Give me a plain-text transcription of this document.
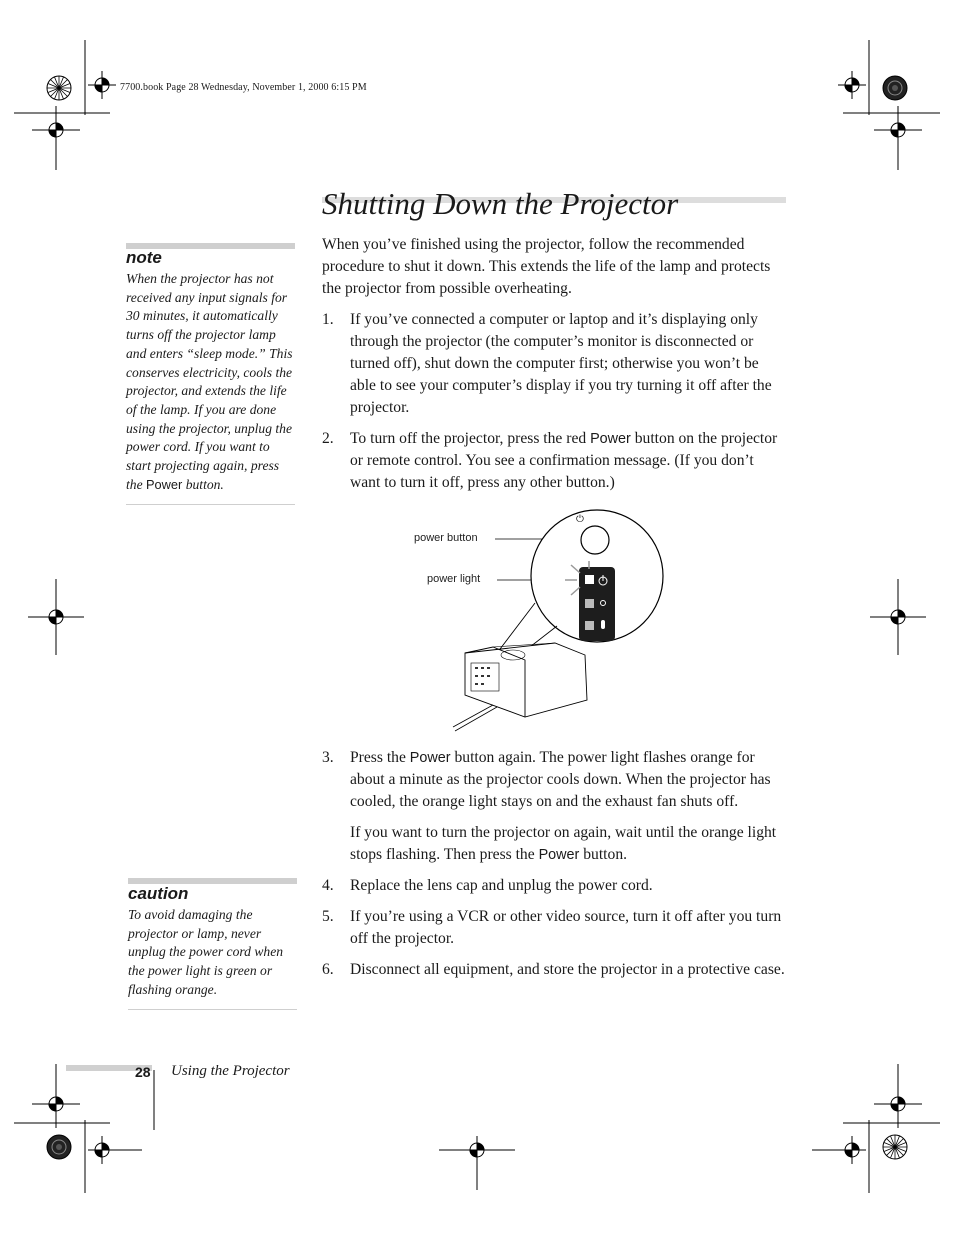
7700.book Page 28 Wednesday, November 1, 2000 6:15 PM
Shutting Down the Projector
note
When the projector has not received any input signals for 30 minutes, it automatically turns off the projector lamp and enters “sleep mode.” This conserves electricity, cools the projector, and extends the life of the lamp. If you are done using the projector, unplug the power cord. If you want to start projecting again, press the Power button.
caution
To avoid damaging the projector or lamp, never unplug the power cord when the power light is green or flashing orange.
When you’ve finished using the projector, follow the recommended procedure to shut it down. This extends the life of the lamp and protects the projector from possible overheating.
1. If you’ve connected a computer or laptop and it’s displaying only through the projector (the computer’s monitor is disconnected or turned off), shut down the computer first; otherwise you won’t be able to see your computer’s display if you try turning it off after the projector.
2. To turn off the projector, press the red Power button on the projector or remote control. You see a confirmation message. (If you don’t want to turn it off, press any other button.)
power button
power light
⏻
3. Press the Power button again. The power light flashes orange for about a minute as the projector cools down. When the projector has cooled, the orange light stays on and the exhaust fan shuts off.
If you want to turn the projector on again, wait until the orange light stops flashing. Then press the Power button.
4. Replace the lens cap and unplug the power cord.
5. If you’re using a VCR or other video source, turn it off after you turn off the projector.
6. Disconnect all equipment, and store the projector in a protective case.
28 Using the Projector
